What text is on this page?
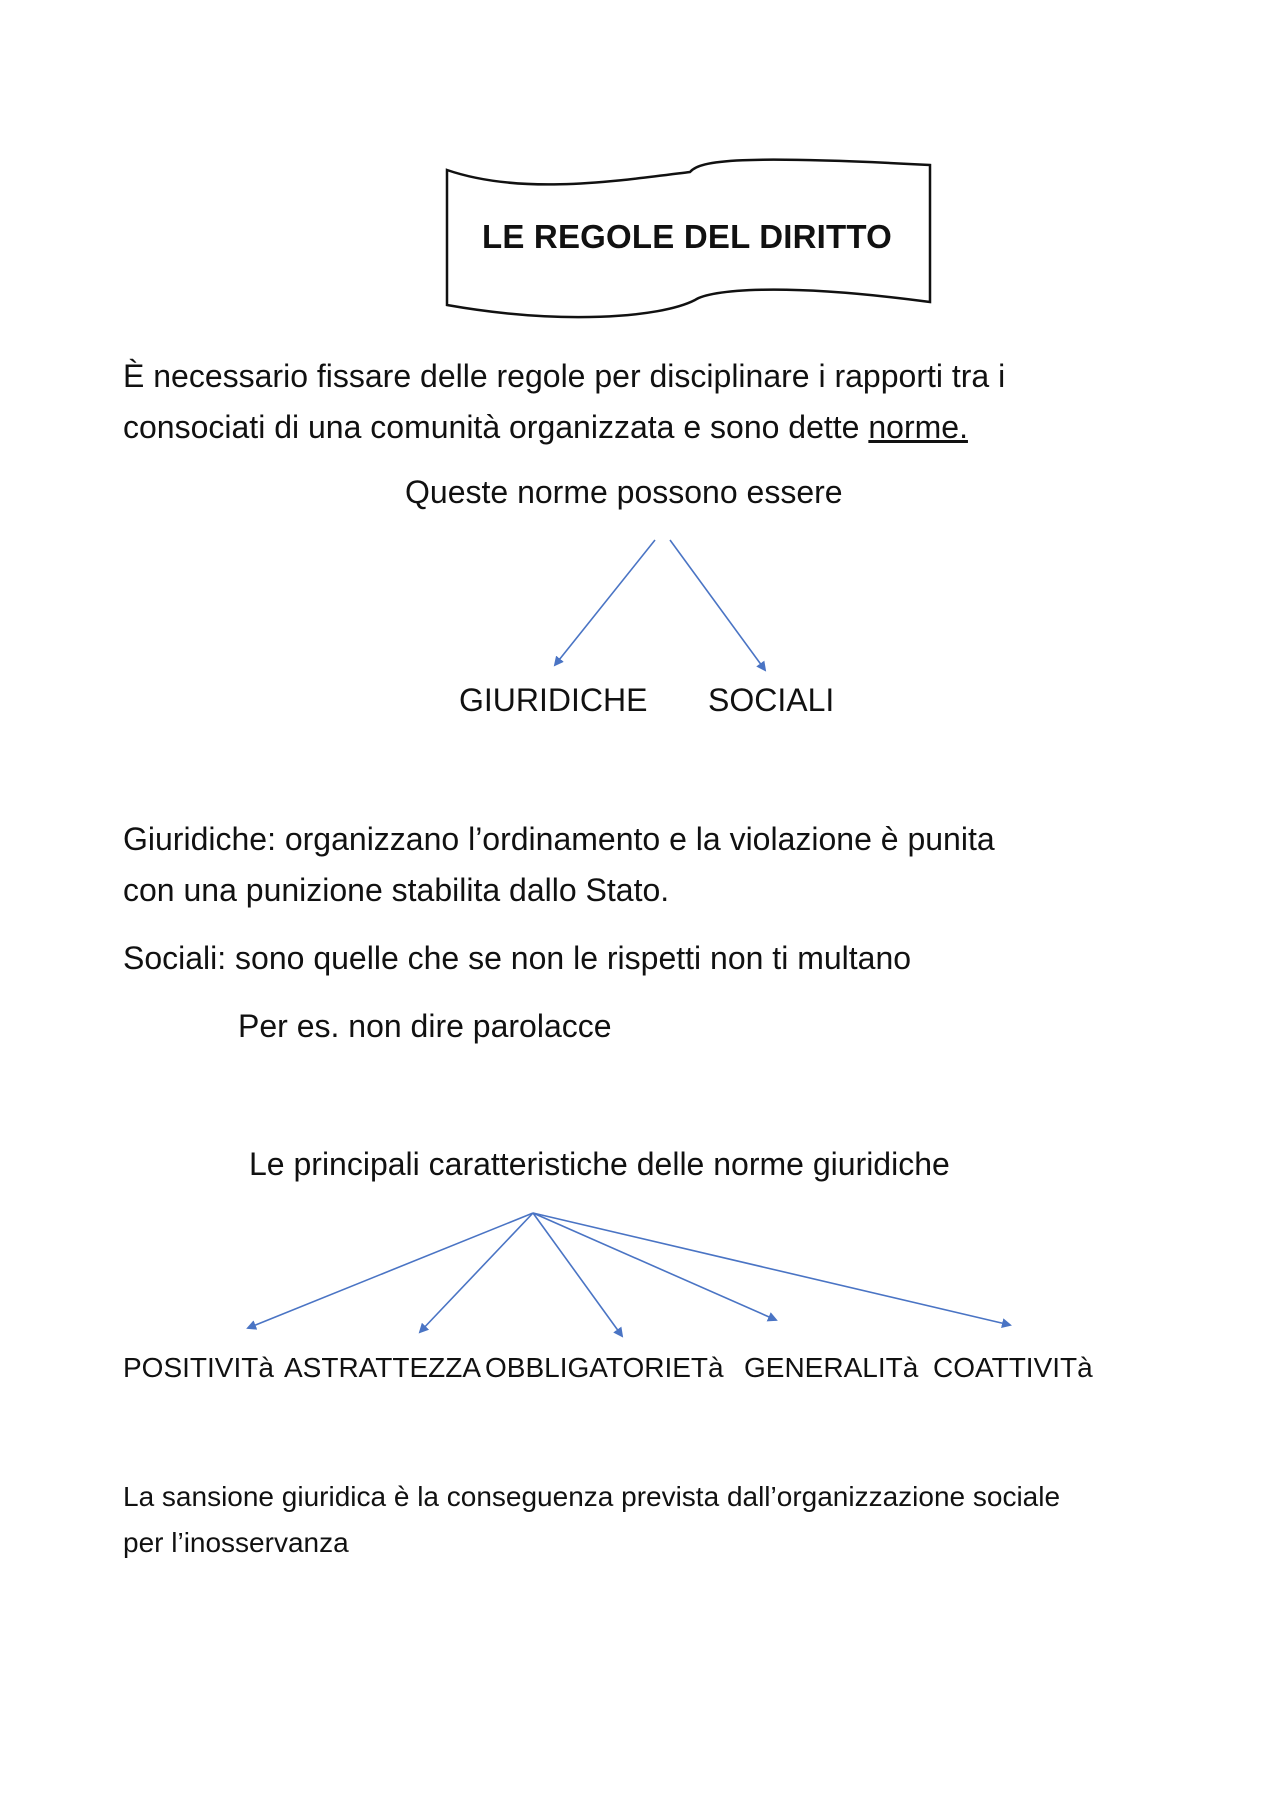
LE REGOLE DEL DIRITTO
È necessario fissare delle regole per disciplinare i rapporti tra i
consociati di una comunità organizzata e sono dette norme.
Queste norme possono essere
GIURIDICHE SOCIALI
Giuridiche: organizzano l’ordinamento e la violazione è punita
con una punizione stabilita dallo Stato.
Sociali: sono quelle che se non le rispetti non ti multano
Per es. non dire parolacce
Le principali caratteristiche delle norme giuridiche
POSITIVITà ASTRATTEZZA OBBLIGATORIETà GENERALITà COATTIVITà
La sansione giuridica è la conseguenza prevista dall’organizzazione sociale
per l’inosservanza
